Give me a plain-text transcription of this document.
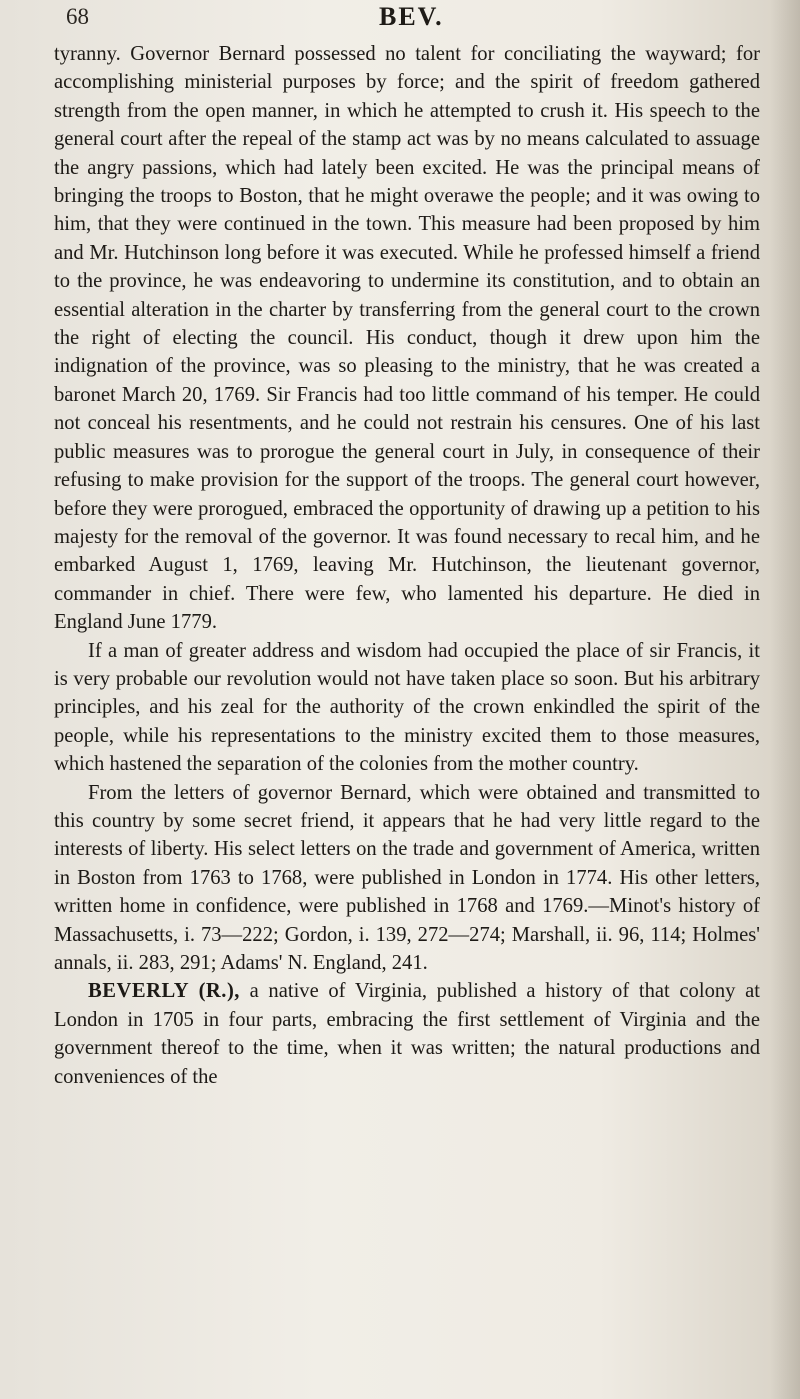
68	BEV.

tyranny. Governor Bernard possessed no talent for conciliating the wayward; for accomplishing ministerial purposes by force; and the spirit of freedom gathered strength from the open manner, in which he attempted to crush it. His speech to the general court after the repeal of the stamp act was by no means calculated to assuage the angry passions, which had lately been excited. He was the principal means of bringing the troops to Boston, that he might overawe the people; and it was owing to him, that they were continued in the town. This measure had been proposed by him and Mr. Hutchinson long before it was executed. While he professed himself a friend to the province, he was endeavoring to undermine its constitution, and to obtain an essential alteration in the charter by transferring from the general court to the crown the right of electing the council. His conduct, though it drew upon him the indignation of the province, was so pleasing to the ministry, that he was created a baronet March 20, 1769. Sir Francis had too little command of his temper. He could not conceal his resentments, and he could not restrain his censures. One of his last public measures was to prorogue the general court in July, in consequence of their refusing to make provision for the support of the troops. The general court however, before they were prorogued, embraced the opportunity of drawing up a petition to his majesty for the removal of the governor. It was found necessary to recal him, and he embarked August 1, 1769, leaving Mr. Hutchinson, the lieutenant governor, commander in chief. There were few, who lamented his departure. He died in England June 1779.

If a man of greater address and wisdom had occupied the place of sir Francis, it is very probable our revolution would not have taken place so soon. But his arbitrary principles, and his zeal for the authority of the crown enkindled the spirit of the people, while his representations to the ministry excited them to those measures, which hastened the separation of the colonies from the mother country.

From the letters of governor Bernard, which were obtained and transmitted to this country by some secret friend, it appears that he had very little regard to the interests of liberty. His select letters on the trade and government of America, written in Boston from 1763 to 1768, were published in London in 1774. His other letters, written home in confidence, were published in 1768 and 1769.—Minot's history of Massachusetts, i. 73—222; Gordon, i. 139, 272—274; Marshall, ii. 96, 114; Holmes' annals, ii. 283, 291; Adams' N. England, 241.

BEVERLY (R.), a native of Virginia, published a history of that colony at London in 1705 in four parts, embracing the first settlement of Virginia and the government thereof to the time, when it was written; the natural productions and conveniences of the
